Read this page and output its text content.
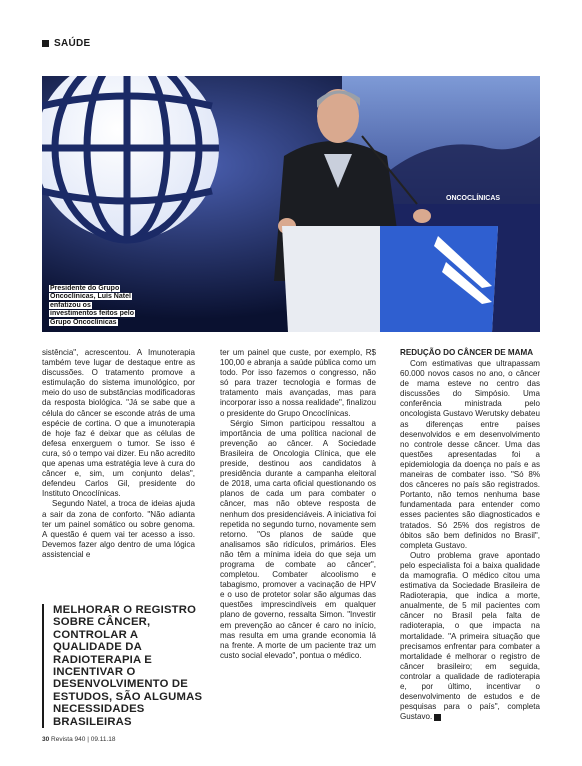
SAÚDE
ONCOCLÍNICAS
Presidente do Grupo Oncoclínicas, Luís Natel enfatizou os investimentos feitos pelo Grupo Oncoclínicas

sistência", acrescentou. A Imunoterapia também teve lugar de destaque entre as discussões. O tratamento promove a estimulação do sistema imunológico, por meio do uso de substâncias modificadoras da resposta biológica. "Já se sabe que a célula do câncer se esconde atrás de uma espécie de cortina. O que a imunoterapia de hoje faz é deixar que as células de defesa enxerguem o tumor. Se isso é cura, só o tempo vai dizer. Eu não acredito que apenas uma estratégia leve à cura do câncer e, sim, um conjunto delas", defendeu Carlos Gil, presidente do Instituto Oncoclínicas.

Segundo Natel, a troca de ideias ajuda a sair da zona de conforto. "Não adianta ter um painel somático ou sobre genoma. A questão é quem vai ter acesso a isso. Devemos fazer algo dentro de uma lógica assistencial e

MELHORAR O REGISTRO SOBRE CÂNCER, CONTROLAR A QUALIDADE DA RADIOTERAPIA E INCENTIVAR O DESENVOLVIMENTO DE ESTUDOS, SÃO ALGUMAS NECESSIDADES BRASILEIRAS

ter um painel que custe, por exemplo, R$ 100,00 e abranja a saúde pública como um todo. Por isso fazemos o congresso, não só para trazer tecnologia e formas de tratamento mais avançadas, mas para incorporar isso a nossa realidade", finalizou o presidente do Grupo Oncoclínicas.

Sérgio Simon participou ressaltou a importância de uma política nacional de prevenção ao câncer. A Sociedade Brasileira de Oncologia Clínica, que ele preside, destinou aos candidatos à presidência durante a campanha eleitoral de 2018, uma carta oficial questionando os planos de cada um para combater o câncer, mas não obteve resposta de nenhum dos presidenciáveis. A iniciativa foi repetida no segundo turno, novamente sem retorno. "Os planos de saúde que analisamos são ridículos, primários. Eles não têm a mínima ideia do que seja um programa de combate ao câncer", completou. Combater alcoolismo e tabagismo, promover a vacinação de HPV e o uso de protetor solar são algumas das questões imprescindíveis em qualquer plano de governo, ressalta Simon. "Investir em prevenção ao câncer é caro no início, mas resulta em uma grande economia lá na frente. A morte de um paciente traz um custo social elevado", pontua o médico.

REDUÇÃO DO CÂNCER DE MAMA

Com estimativas que ultrapassam 60.000 novos casos no ano, o câncer de mama esteve no centro das discussões do Simpósio. Uma conferência ministrada pelo oncologista Gustavo Werutsky debateu as diferenças entre países desenvolvidos e em desenvolvimento no controle desse câncer. Uma das questões apresentadas foi a epidemiologia da doença no país e as maneiras de combater isso. "Só 8% dos cânceres no país são registrados. Portanto, não temos nenhuma base fundamentada para entender como esses pacientes são diagnosticados e tratados. Só 25% dos registros de óbitos são bem definidos no Brasil", completa Gustavo.

Outro problema grave apontado pelo especialista foi a baixa qualidade da mamografia. O médico citou uma estimativa da Sociedade Brasileira de Radioterapia, que indica a morte, anualmente, de 5 mil pacientes com câncer no Brasil pela falta de radioterapia, o que impacta na mortalidade. "A primeira situação que precisamos enfrentar para combater a mortalidade é melhorar o registro de câncer brasileiro; em seguida, controlar a qualidade de radioterapia e, por último, incentivar o desenvolvimento de estudos e de pesquisas para o país", completa Gustavo.

30 Revista 940 | 09.11.18
